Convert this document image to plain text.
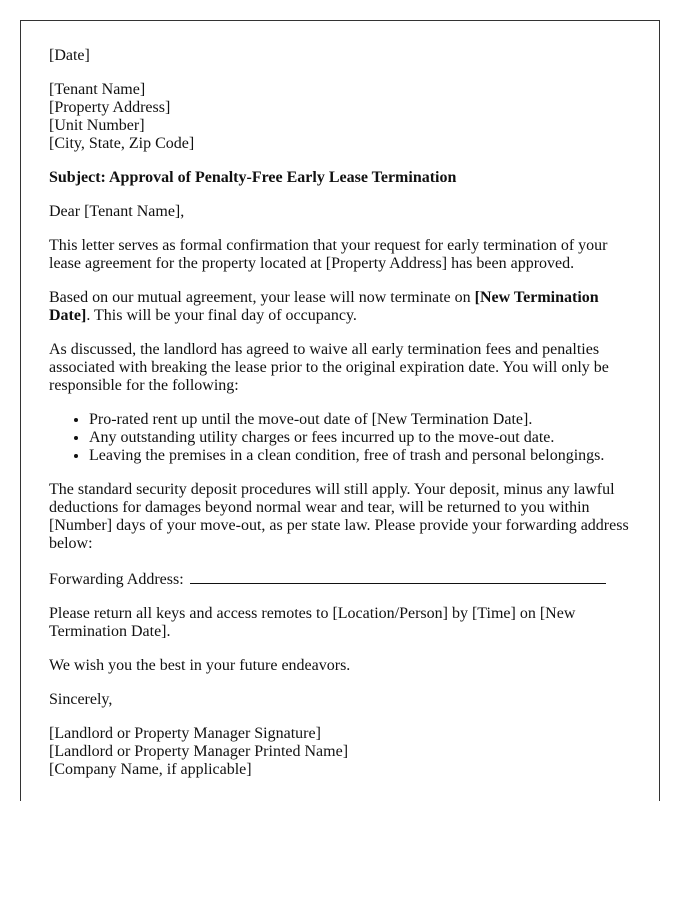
[Date]

[Tenant Name]
[Property Address]
[Unit Number]
[City, State, Zip Code]

Subject: Approval of Penalty-Free Early Lease Termination

Dear [Tenant Name],

This letter serves as formal confirmation that your request for early termination of your lease agreement for the property located at [Property Address] has been approved.

Based on our mutual agreement, your lease will now terminate on [New Termination Date]. This will be your final day of occupancy.

As discussed, the landlord has agreed to waive all early termination fees and penalties associated with breaking the lease prior to the original expiration date. You will only be responsible for the following:

• Pro-rated rent up until the move-out date of [New Termination Date].
• Any outstanding utility charges or fees incurred up to the move-out date.
• Leaving the premises in a clean condition, free of trash and personal belongings.

The standard security deposit procedures will still apply. Your deposit, minus any lawful deductions for damages beyond normal wear and tear, will be returned to you within [Number] days of your move-out, as per state law. Please provide your forwarding address below:

Forwarding Address:

Please return all keys and access remotes to [Location/Person] by [Time] on [New Termination Date].

We wish you the best in your future endeavors.

Sincerely,

[Landlord or Property Manager Signature]
[Landlord or Property Manager Printed Name]
[Company Name, if applicable]
